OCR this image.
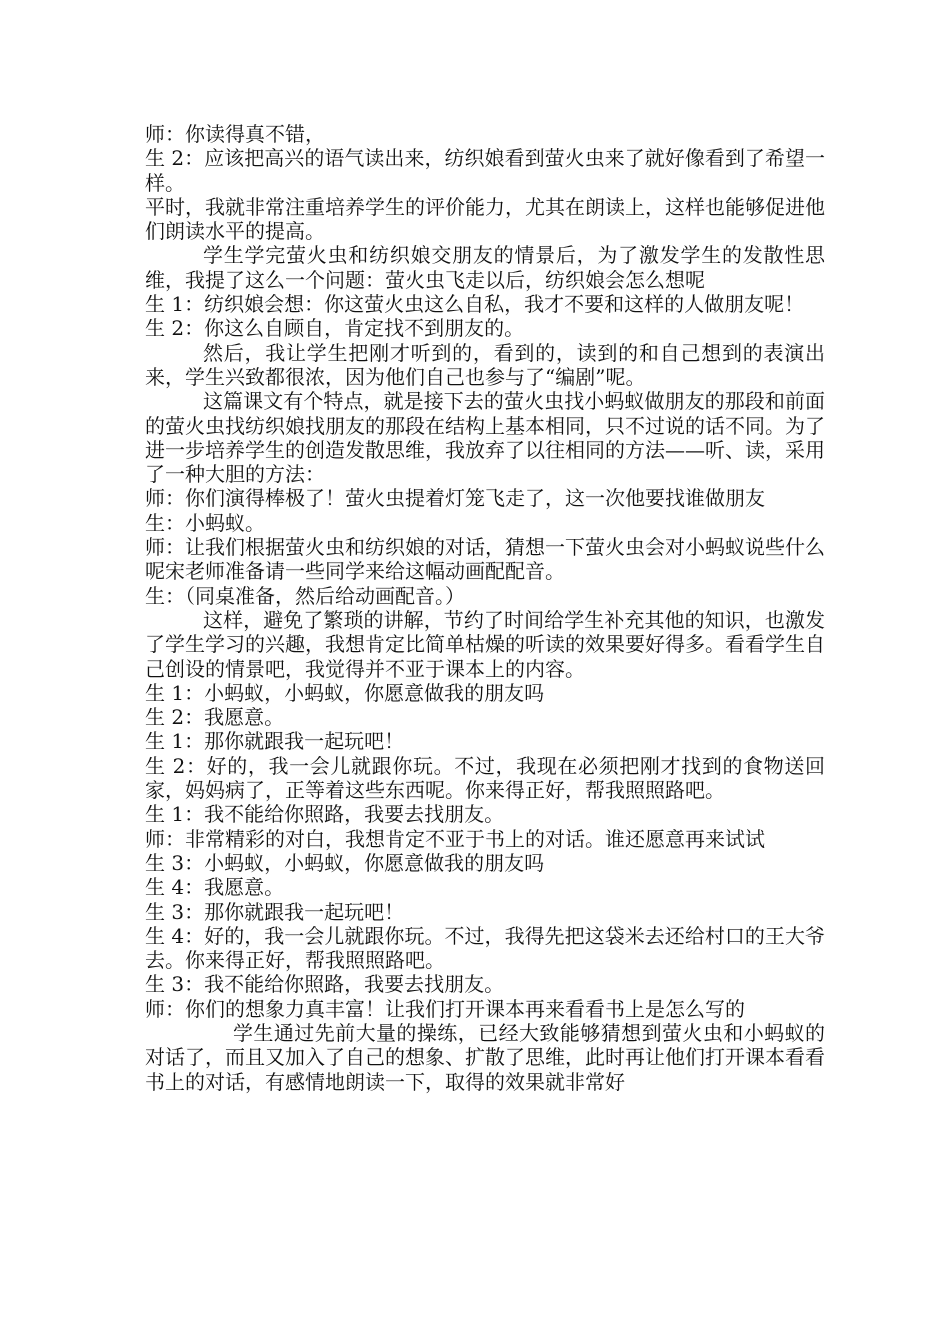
师：你读得真不错，

生 2：应该把高兴的语气读出来，纺织娘看到萤火虫来了就好像看到了希望一样。

平时，我就非常注重培养学生的评价能力，尤其在朗读上，这样也能够促进他们朗读水平的提高。

学生学完萤火虫和纺织娘交朋友的情景后，为了激发学生的发散性思维，我提了这么一个问题：萤火虫飞走以后，纺织娘会怎么想呢

生 1：纺织娘会想：你这萤火虫这么自私，我才不要和这样的人做朋友呢！

生 2：你这么自顾自，肯定找不到朋友的。

然后，我让学生把刚才听到的，看到的，读到的和自己想到的表演出来，学生兴致都很浓，因为他们自己也参与了“编剧”呢。

这篇课文有个特点，就是接下去的萤火虫找小蚂蚁做朋友的那段和前面的萤火虫找纺织娘找朋友的那段在结构上基本相同，只不过说的话不同。为了进一步培养学生的创造发散思维，我放弃了以往相同的方法——听、读，采用了一种大胆的方法：

师：你们演得棒极了！萤火虫提着灯笼飞走了，这一次他要找谁做朋友

生：小蚂蚁。

师：让我们根据萤火虫和纺织娘的对话，猜想一下萤火虫会对小蚂蚁说些什么呢宋老师准备请一些同学来给这幅动画配配音。

生：（同桌准备，然后给动画配音。）

这样，避免了繁琐的讲解，节约了时间给学生补充其他的知识，也激发了学生学习的兴趣，我想肯定比简单枯燥的听读的效果要好得多。看看学生自己创设的情景吧，我觉得并不亚于课本上的内容。

生 1：小蚂蚁，小蚂蚁，你愿意做我的朋友吗

生 2：我愿意。

生 1：那你就跟我一起玩吧！

生 2：好的，我一会儿就跟你玩。不过，我现在必须把刚才找到的食物送回家，妈妈病了，正等着这些东西呢。你来得正好，帮我照照路吧。

生 1：我不能给你照路，我要去找朋友。

师：非常精彩的对白，我想肯定不亚于书上的对话。谁还愿意再来试试

生 3：小蚂蚁，小蚂蚁，你愿意做我的朋友吗

生 4：我愿意。

生 3：那你就跟我一起玩吧！

生 4：好的，我一会儿就跟你玩。不过，我得先把这袋米去还给村口的王大爷去。你来得正好，帮我照照路吧。

生 3：我不能给你照路，我要去找朋友。

师：你们的想象力真丰富！让我们打开课本再来看看书上是怎么写的

学生通过先前大量的操练，已经大致能够猜想到萤火虫和小蚂蚁的对话了，而且又加入了自己的想象、扩散了思维，此时再让他们打开课本看看书上的对话，有感情地朗读一下，取得的效果就非常好
